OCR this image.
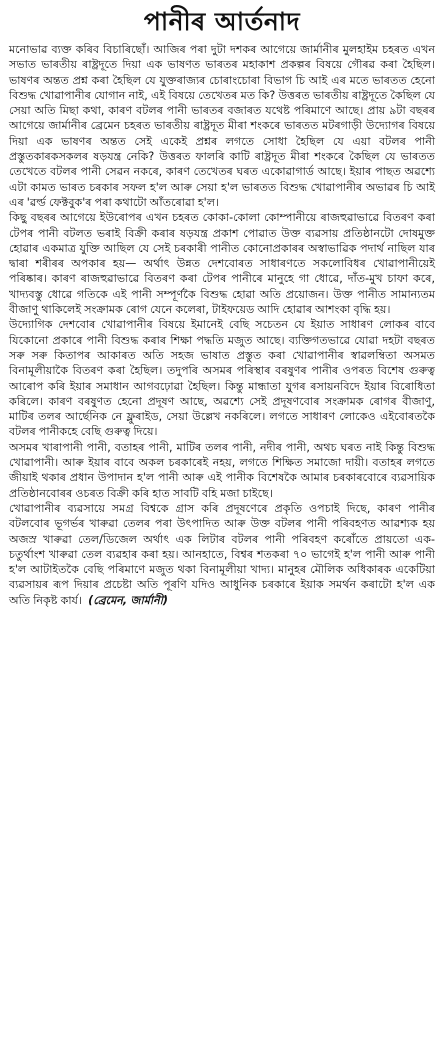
পানীৰ আৰ্তনাদ

মনোভাৱ ব্যক্ত কৰিব বিচাৰিছোঁ। আজিৰ পৰা দুটা দশকৰ আগেয়ে জাৰ্মানীৰ মুলহাইম চহৰত এখন সভাত ভাৰতীয় ৰাষ্ট্ৰদূতে দিয়া এক ভাষণত ভাৰতৰ মহাকাশ প্ৰকল্পৰ বিষয়ে গৌৰৱ কৰা হৈছিল। ভাষণৰ অন্তত প্ৰশ্ন কৰা হৈছিল যে যুক্তৰাজ্যৰ চোৰাংচোৰা বিভাগ চি আই এৰ মতে ভাৰতত হেনো বিশুদ্ধ খোৱাপানীৰ যোগান নাই, এই বিষয়ে তেখেতৰ মত কি? উত্তৰত ভাৰতীয় ৰাষ্ট্ৰদূতে কৈছিল যে সেয়া অতি মিছা কথা, কাৰণ বটলৰ পানী ভাৰতৰ বজাৰত যথেষ্ট পৰিমাণে আছে। প্ৰায় ৯টা বছৰৰ আগেয়ে জাৰ্মানীৰ ব্ৰেমেন চহৰত ভাৰতীয় ৰাষ্ট্ৰদূত মীৰা শংকৰে ভাৰতত মটৰগাড়ী উদ্যোগৰ বিষয়ে দিয়া এক ভাষণৰ অন্তত সেই একেই প্ৰশ্নৰ লগতে সোধা হৈছিল যে এয়া বটলৰ পানী প্ৰস্তুতকাৰকসকলৰ ষড়যন্ত্ৰ নেকি? উত্তৰত ফালৰি কাটি ৰাষ্ট্ৰদূত মীৰা শংকৰে কৈছিল যে ভাৰতত তেখেতে বটলৰ পানী সেৱন নকৰে, কাৰণ তেখেতৰ ঘৰত একোৱাগাৰ্ড আছে। ইয়াৰ পাছত অৱশ্যে এটা কামত ভাৰত চৰকাৰ সফল হ'ল আৰু সেয়া হ'ল ভাৰতত বিশুদ্ধ খোৱাপানীৰ অভাৱৰ চি আই এৰ 'ৱৰ্ল্ড ফেক্টবুক'ৰ পৰা কথাটো আঁতৰোৱা হ'ল।

কিছু বছৰৰ আগেয়ে ইউৰোপৰ এখন চহৰত কোকা-কোলা কোম্পানীয়ে ৰাজহুৱাভাৱে বিতৰণ কৰা টেপৰ পানী বটলত ভৰাই বিক্ৰী কৰাৰ ষড়যন্ত্ৰ প্ৰকাশ পোৱাত উক্ত ব্যৱসায় প্ৰতিষ্ঠানটো দোষমুক্ত হোৱাৰ একমাত্ৰ যুক্তি আছিল যে সেই চৰকাৰী পানীত কোনোপ্ৰকাৰৰ অস্বাভাৱিক পদাৰ্থ নাছিল যাৰ দ্বাৰা শৰীৰৰ অপকাৰ হয়— অৰ্থাৎ উন্নত দেশবোৰত সাধাৰণতে সকলোবিধৰ খোৱাপানীয়েই পৰিষ্কাৰ। কাৰণ ৰাজহুৱাভাৱে বিতৰণ কৰা টেপৰ পানীৰে মানুহে গা ধোৱে, দাঁত-মুখ চাফা কৰে, খাদ্যবস্তু ধোৱে গতিকে এই পানী সম্পূৰ্ণকৈ বিশুদ্ধ হোৱা অতি প্ৰয়োজন। উক্ত পানীত সামান্যতম বীজাণু থাকিলেই সংক্ৰামক ৰোগ যেনে কলেৰা, টাইফয়েড আদি হোৱাৰ আশংকা বৃদ্ধি হয়।

উদ্যোগিক দেশবোৰ খোৱাপানীৰ বিষয়ে ইমানেই বেছি সচেতন যে ইয়াত সাধাৰণ লোকৰ বাবে যিকোনো প্ৰকাৰে পানী বিশুদ্ধ কৰাৰ শিক্ষা পদ্ধতি মজুত আছে। ব্যক্তিগতভাৱে যোৱা দহটা বছৰত সৰু সৰু কিতাপৰ আকাৰত অতি সহজ ভাষাত প্ৰস্তুত কৰা খোৱাপানীৰ স্বাৱলম্বিতা অসমত বিনামূলীয়াকৈ বিতৰণ কৰা হৈছিল। তদুপৰি অসমৰ পৰিস্থাৰ বৰষুণৰ পানীৰ ওপৰত বিশেষ গুৰুত্ব আৰোপ কৰি ইয়াৰ সমাধান আগবঢ়োৱা হৈছিল। কিন্তু মান্ধাতা যুগৰ ৰসায়নবিদে ইয়াৰ বিৰোধিতা কৰিলে। কাৰণ বৰষুণত হেনো প্ৰদূষণ আছে, অৱশ্যে সেই প্ৰদূষণবোৰ সংক্ৰামক ৰোগৰ বীজাণু, মাটিৰ তলৰ আৰ্ছেনিক নে ফ্লুৰাইড, সেয়া উল্লেখ নকৰিলে। লগতে সাধাৰণ লোকেও এইবোৰতকৈ বটলৰ পানীকহে বেছি গুৰুত্ব দিয়ে।

অসমৰ খাৰাপানী পানী, বতাহৰ পানী, মাটিৰ তলৰ পানী, নদীৰ পানী, অথচ ঘৰত নাই কিন্তু বিশুদ্ধ খোৱাপানী। আৰু ইয়াৰ বাবে অকল চৰকাৰেই নহয়, লগতে শিক্ষিত সমাজো দায়ী। বতাহৰ লগতে জীয়াই থকাৰ প্ৰধান উপাদান হ'ল পানী আৰু এই পানীক বিশেষকৈ আমাৰ চৰকাৰবোৰে ব্যৱসায়িক প্ৰতিষ্ঠানবোৰৰ ওচৰত বিক্ৰী কৰি হাত সাবটি বহি মজা চাইছে।

খোৱাপানীৰ ব্যৱসায়ে সমগ্ৰ বিশ্বকে গ্ৰাস কৰি প্ৰদূষণেৰে প্ৰকৃতি ওপচাই দিছে, কাৰণ পানীৰ বটলবোৰ ভূগৰ্ভৰ খাৰুৱা তেলৰ পৰা উৎপাদিত আৰু উক্ত বটলৰ পানী পৰিবহণত আৱশ্যক হয় অজস্ৰ খাৰুৱা তেল/ডিজেল অৰ্থাৎ এক লিটাৰ বটলৰ পানী পৰিবহণ কৰোঁতে প্ৰায়তো এক-চতুৰ্থাংশ খাৰুৱা তেল ব্যৱহাৰ কৰা হয়। আনহাতে, বিশ্বৰ শতকৰা ৭০ ভাগেই হ'ল পানী আৰু পানী হ'ল আটাইতকৈ বেছি পৰিমাণে মজুত থকা বিনামূলীয়া খাদ্য। মানুহৰ মৌলিক অধিকাৰক একেটিয়া ব্যৱসায়ৰ ৰূপ দিয়াৰ প্ৰচেষ্টা অতি পূৰণি যদিও আধুনিক চৰকাৰে ইয়াক সমৰ্থন কৰাটো হ'ল এক অতি নিকৃষ্ট কাৰ্য। (ব্ৰেমেন, জাৰ্মানী)
